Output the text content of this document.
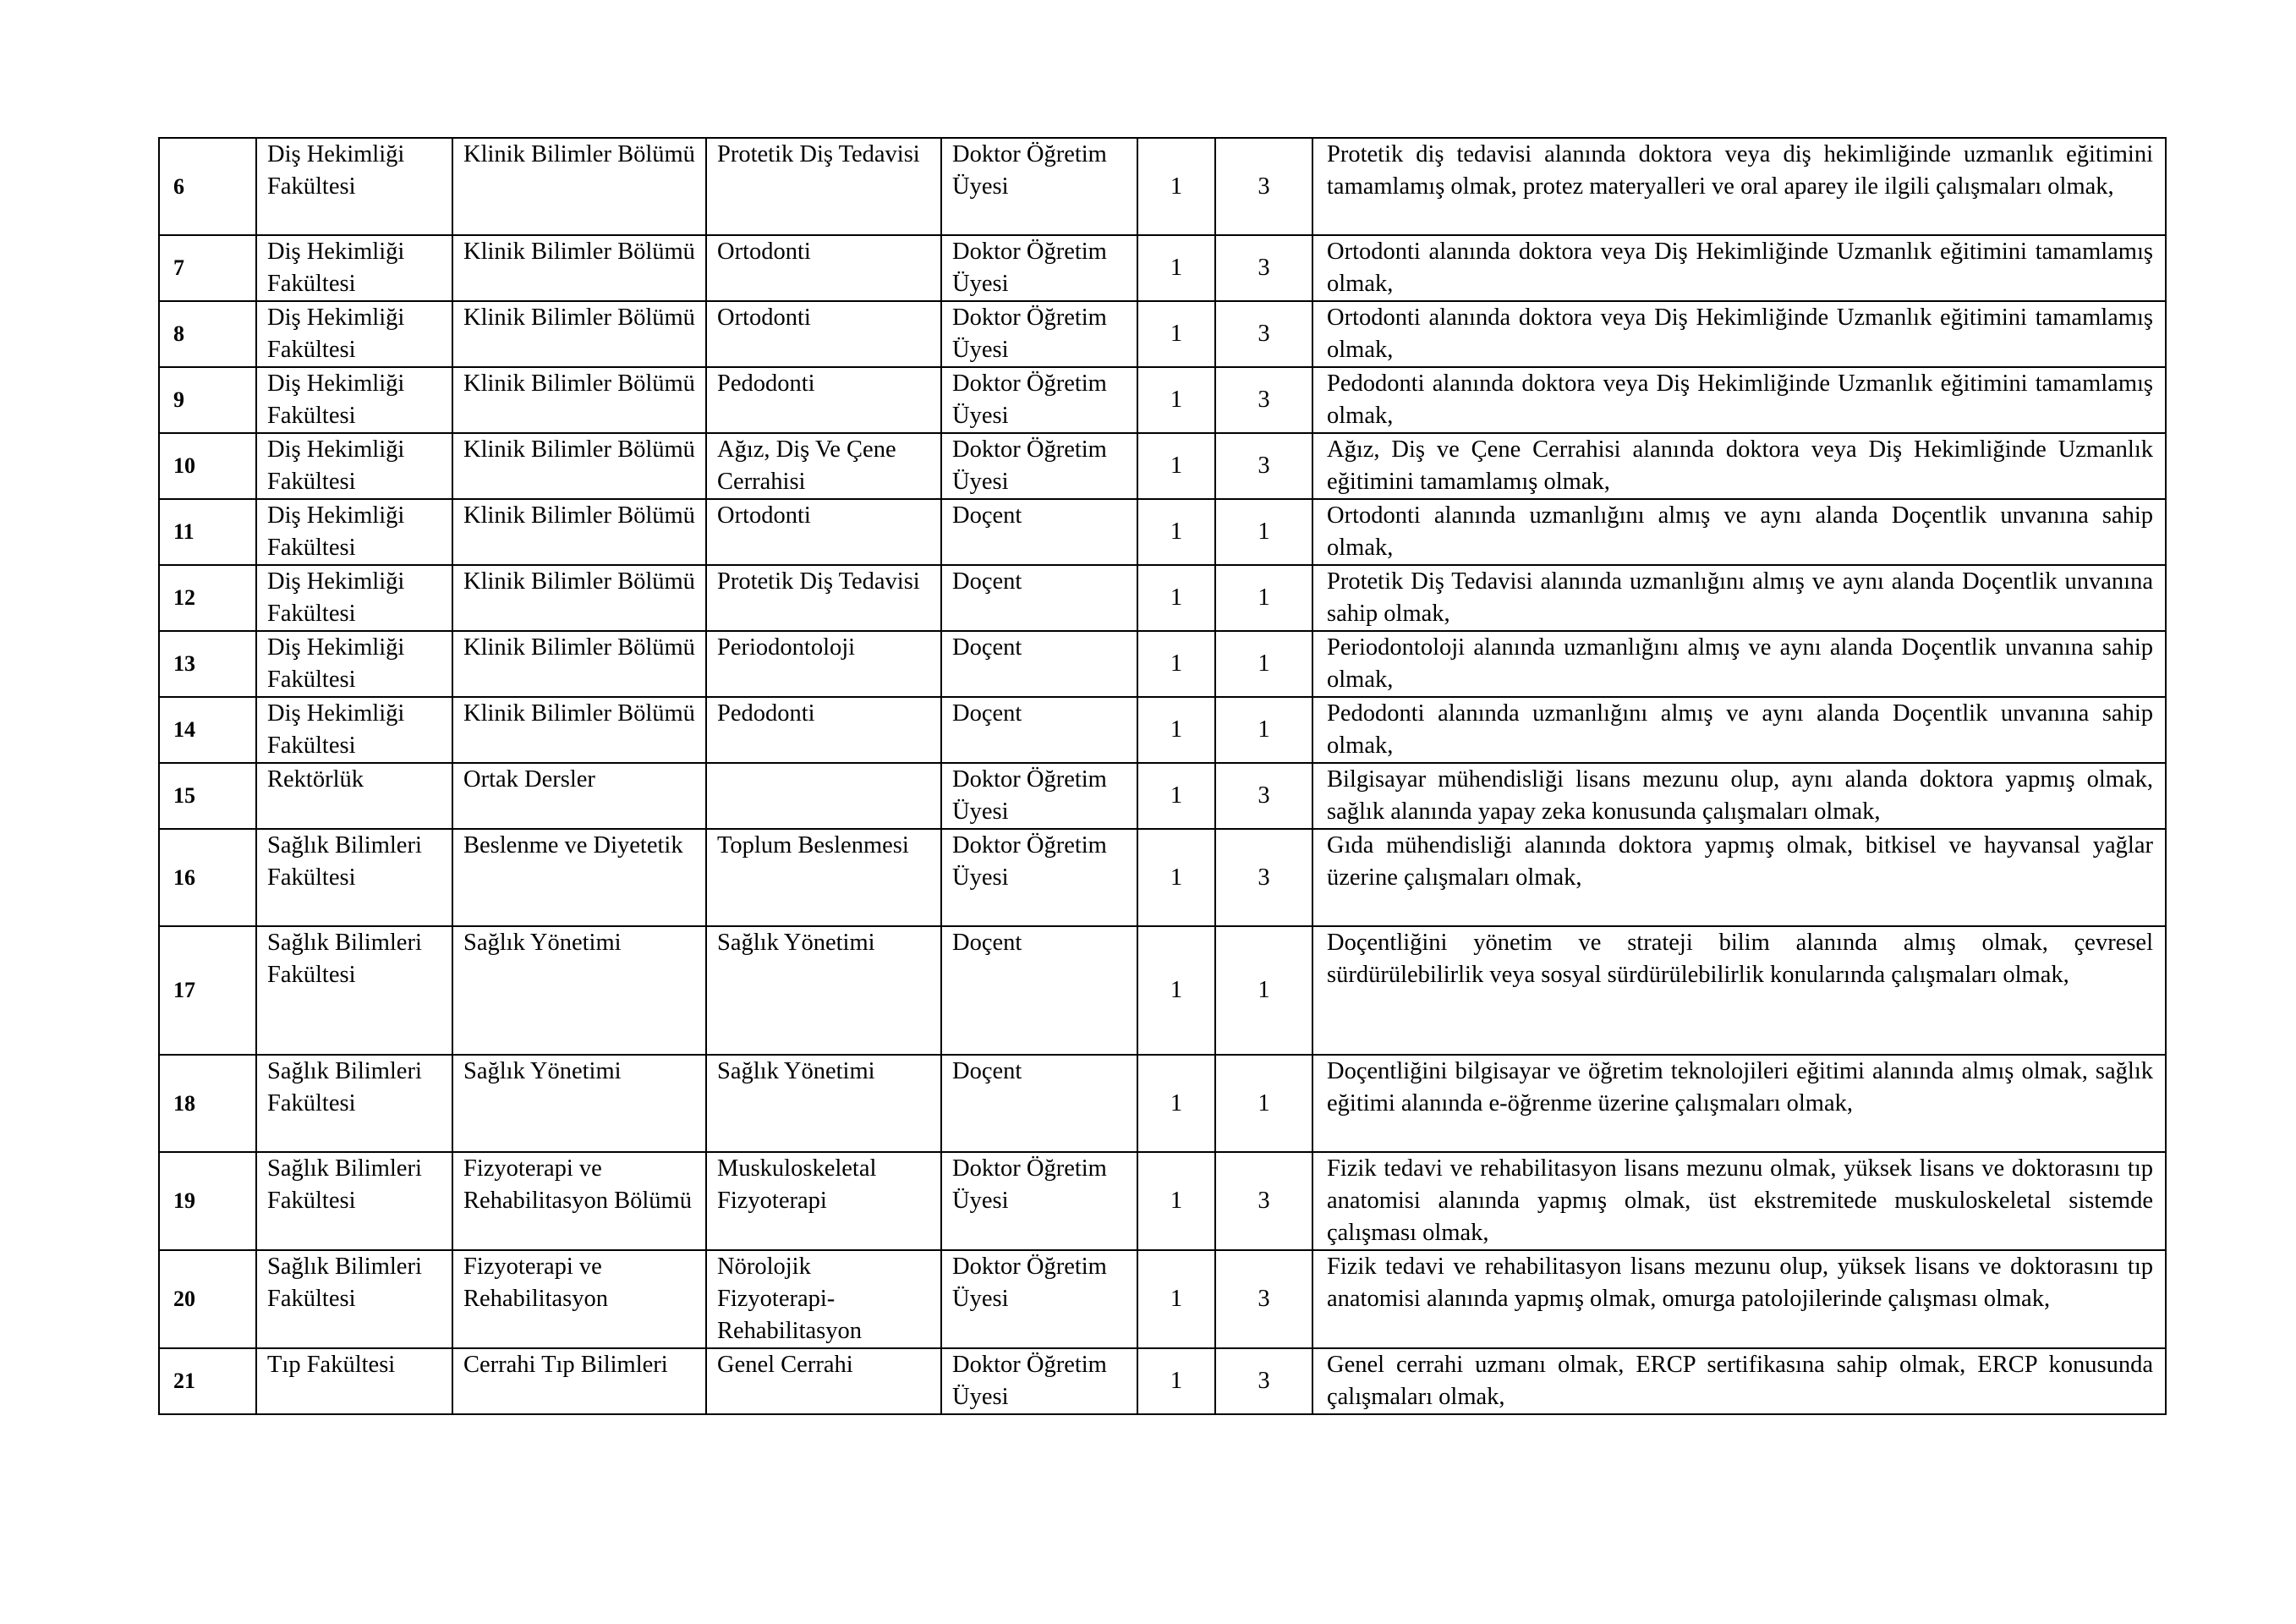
6	Diş Hekimliği Fakültesi	Klinik Bilimler Bölümü	Protetik Diş Tedavisi	Doktor Öğretim Üyesi	1	3	Protetik diş tedavisi alanında doktora veya diş hekimliğinde uzmanlık eğitimini tamamlamış olmak, protez materyalleri ve oral aparey ile ilgili çalışmaları olmak,
7	Diş Hekimliği Fakültesi	Klinik Bilimler Bölümü	Ortodonti	Doktor Öğretim Üyesi	1	3	Ortodonti alanında doktora veya Diş Hekimliğinde Uzmanlık eğitimini tamamlamış olmak,
8	Diş Hekimliği Fakültesi	Klinik Bilimler Bölümü	Ortodonti	Doktor Öğretim Üyesi	1	3	Ortodonti alanında doktora veya Diş Hekimliğinde Uzmanlık eğitimini tamamlamış olmak,
9	Diş Hekimliği Fakültesi	Klinik Bilimler Bölümü	Pedodonti	Doktor Öğretim Üyesi	1	3	Pedodonti alanında doktora veya Diş Hekimliğinde Uzmanlık eğitimini tamamlamış olmak,
10	Diş Hekimliği Fakültesi	Klinik Bilimler Bölümü	Ağız, Diş Ve Çene Cerrahisi	Doktor Öğretim Üyesi	1	3	Ağız, Diş ve Çene Cerrahisi alanında doktora veya Diş Hekimliğinde Uzmanlık eğitimini tamamlamış olmak,
11	Diş Hekimliği Fakültesi	Klinik Bilimler Bölümü	Ortodonti	Doçent	1	1	Ortodonti alanında uzmanlığını almış ve aynı alanda Doçentlik unvanına sahip olmak,
12	Diş Hekimliği Fakültesi	Klinik Bilimler Bölümü	Protetik Diş Tedavisi	Doçent	1	1	Protetik Diş Tedavisi alanında uzmanlığını almış ve aynı alanda Doçentlik unvanına sahip olmak,
13	Diş Hekimliği Fakültesi	Klinik Bilimler Bölümü	Periodontoloji	Doçent	1	1	Periodontoloji alanında uzmanlığını almış ve aynı alanda Doçentlik unvanına sahip olmak,
14	Diş Hekimliği Fakültesi	Klinik Bilimler Bölümü	Pedodonti	Doçent	1	1	Pedodonti alanında uzmanlığını almış ve aynı alanda Doçentlik unvanına sahip olmak,
15	Rektörlük	Ortak Dersler		Doktor Öğretim Üyesi	1	3	Bilgisayar mühendisliği lisans mezunu olup, aynı alanda doktora yapmış olmak, sağlık alanında yapay zeka konusunda çalışmaları olmak,
16	Sağlık Bilimleri Fakültesi	Beslenme ve Diyetetik	Toplum Beslenmesi	Doktor Öğretim Üyesi	1	3	Gıda mühendisliği alanında doktora yapmış olmak, bitkisel ve hayvansal yağlar üzerine çalışmaları olmak,
17	Sağlık Bilimleri Fakültesi	Sağlık Yönetimi	Sağlık Yönetimi	Doçent	1	1	Doçentliğini yönetim ve strateji bilim alanında almış olmak, çevresel sürdürülebilirlik veya sosyal sürdürülebilirlik konularında çalışmaları olmak,
18	Sağlık Bilimleri Fakültesi	Sağlık Yönetimi	Sağlık Yönetimi	Doçent	1	1	Doçentliğini bilgisayar ve öğretim teknolojileri eğitimi alanında almış olmak, sağlık eğitimi alanında e-öğrenme üzerine çalışmaları olmak,
19	Sağlık Bilimleri Fakültesi	Fizyoterapi ve Rehabilitasyon Bölümü	Muskuloskeletal Fizyoterapi	Doktor Öğretim Üyesi	1	3	Fizik tedavi ve rehabilitasyon lisans mezunu olmak, yüksek lisans ve doktorasını tıp anatomisi alanında yapmış olmak, üst ekstremitede muskuloskeletal sistemde çalışması olmak,
20	Sağlık Bilimleri Fakültesi	Fizyoterapi ve Rehabilitasyon	Nörolojik Fizyoterapi-Rehabilitasyon	Doktor Öğretim Üyesi	1	3	Fizik tedavi ve rehabilitasyon lisans mezunu olup, yüksek lisans ve doktorasını tıp anatomisi alanında yapmış olmak, omurga patolojilerinde çalışması olmak,
21	Tıp Fakültesi	Cerrahi Tıp Bilimleri	Genel Cerrahi	Doktor Öğretim Üyesi	1	3	Genel cerrahi uzmanı olmak, ERCP sertifikasına sahip olmak, ERCP konusunda çalışmaları olmak,
